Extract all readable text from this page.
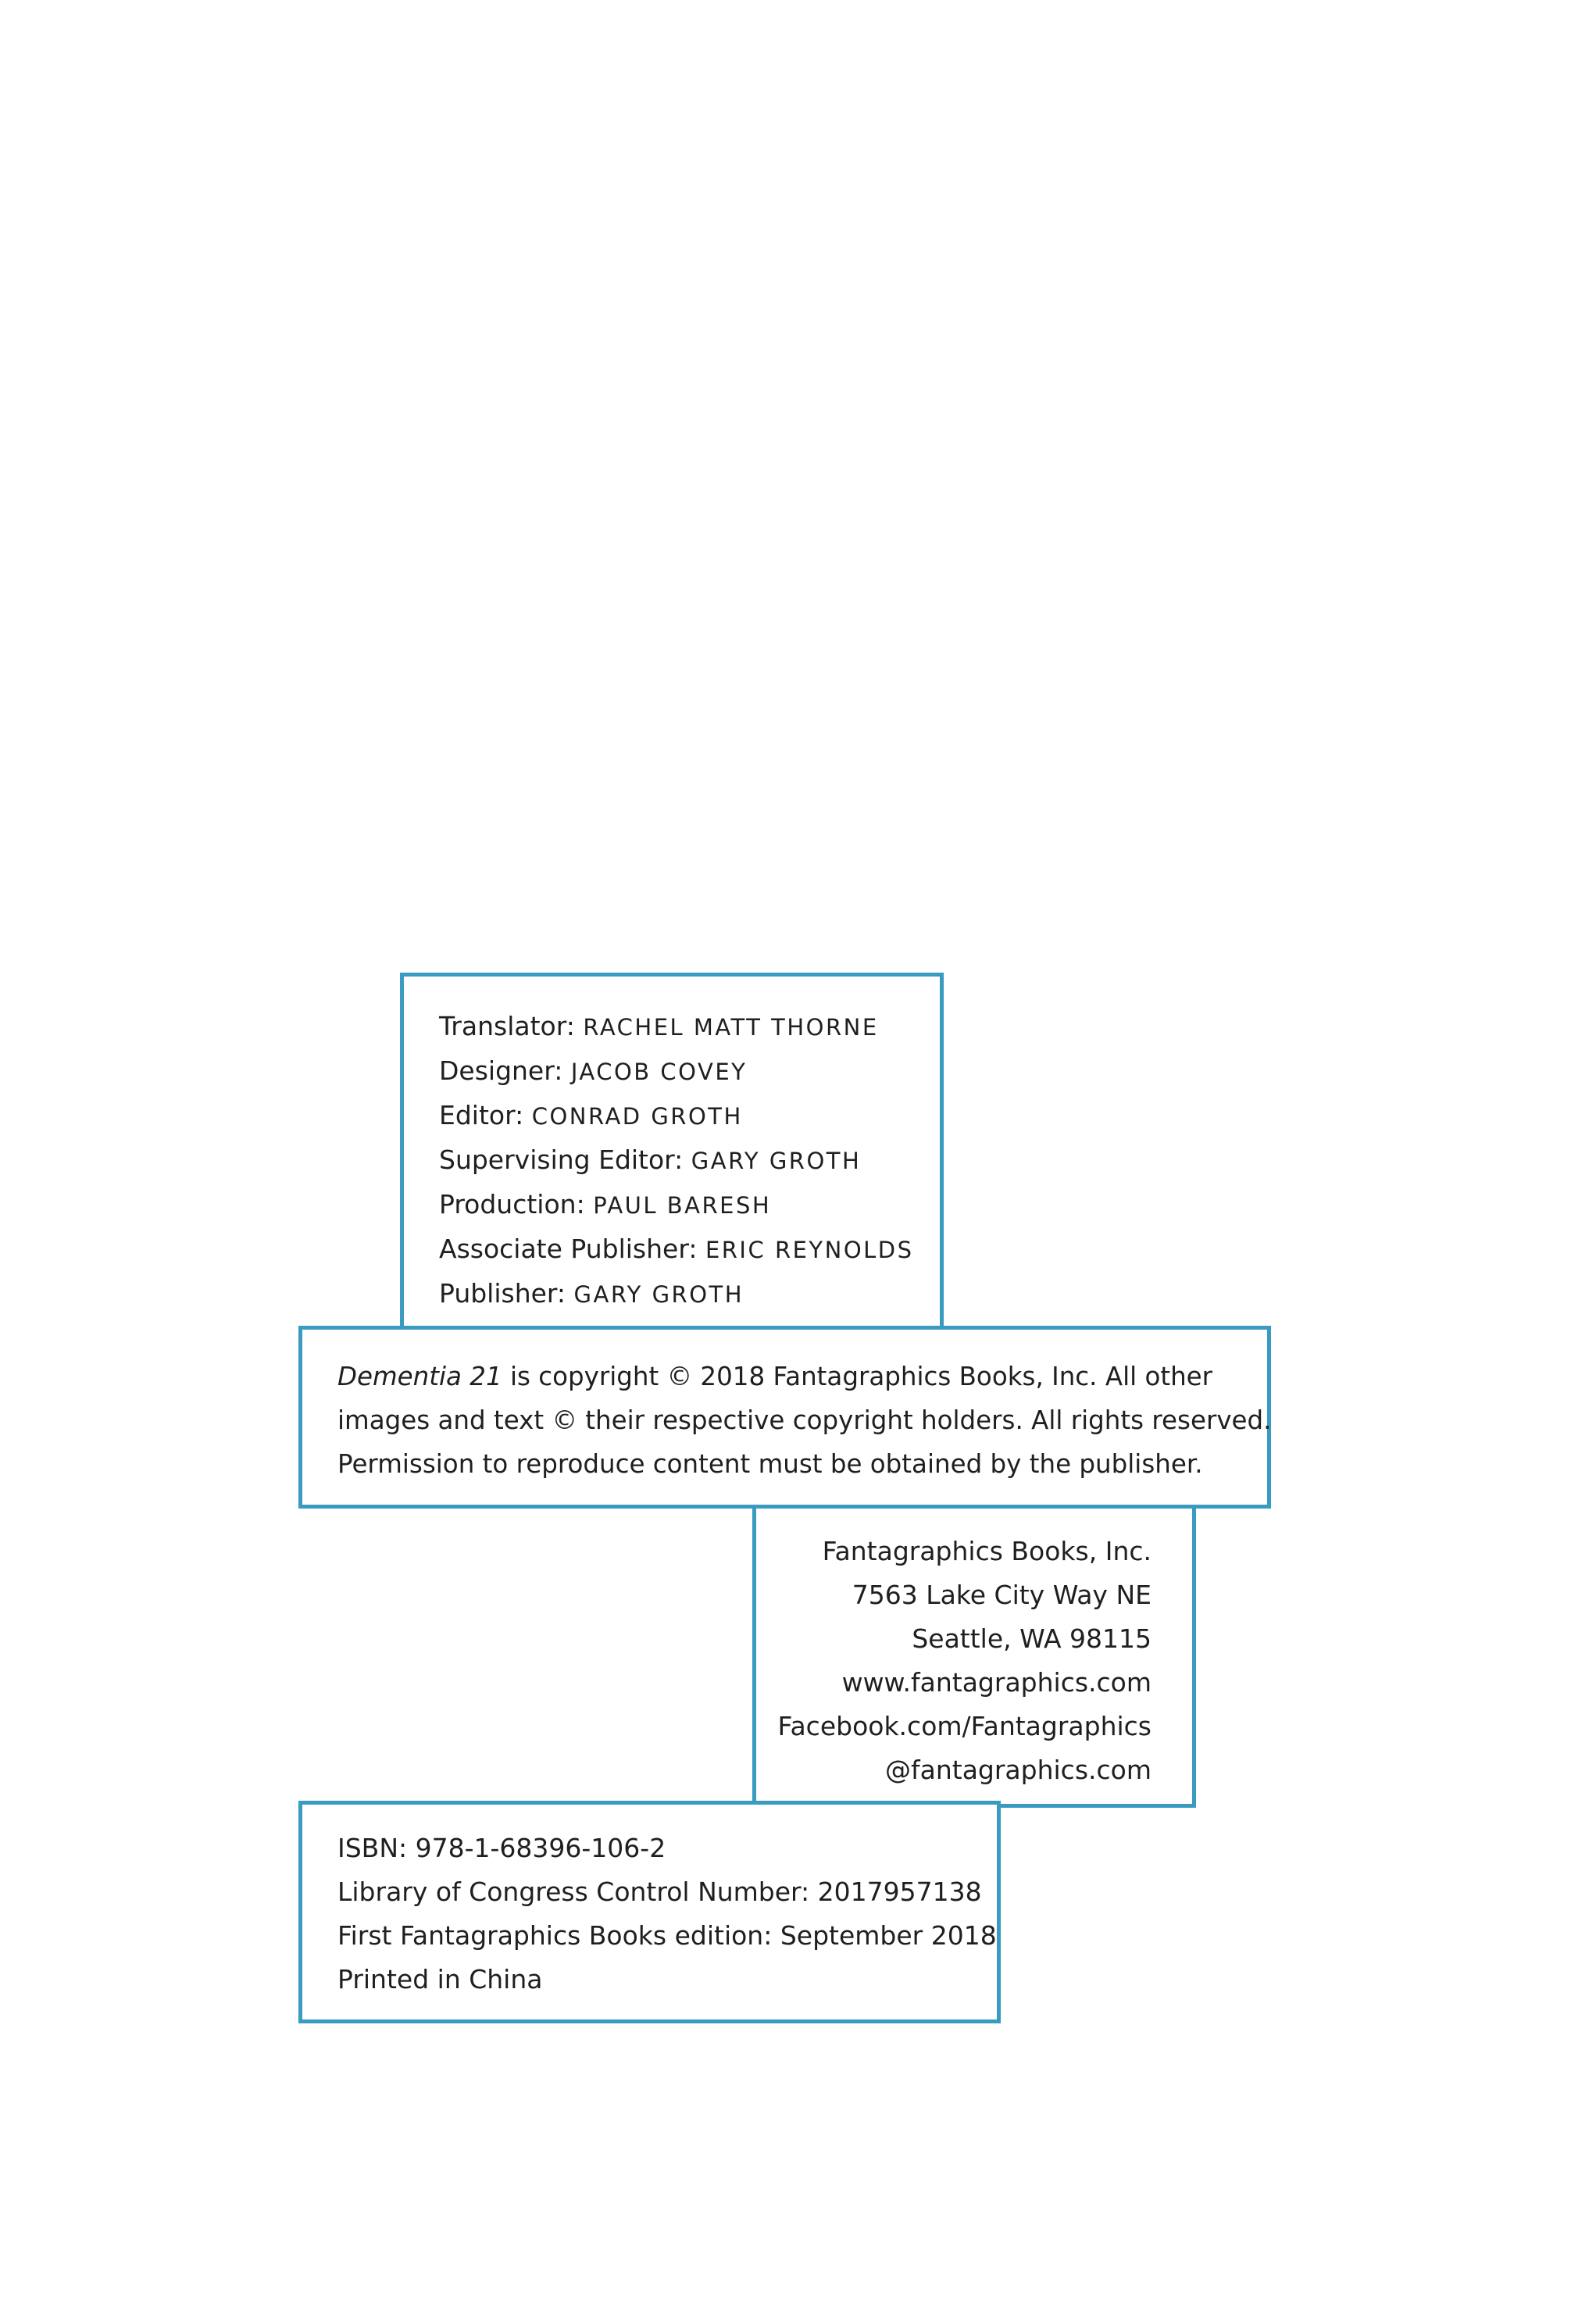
Translator: RACHEL MATT THORNE
Designer: JACOB COVEY
Editor: CONRAD GROTH
Supervising Editor: GARY GROTH
Production: PAUL BARESH
Associate Publisher: ERIC REYNOLDS
Publisher: GARY GROTH
Dementia 21 is copyright © 2018 Fantagraphics Books, Inc. All other
images and text © their respective copyright holders. All rights reserved.
Permission to reproduce content must be obtained by the publisher.
Fantagraphics Books, Inc.
7563 Lake City Way NE
Seattle, WA 98115
www.fantagraphics.com
Facebook.com/Fantagraphics
@fantagraphics.com
ISBN: 978-1-68396-106-2
Library of Congress Control Number: 2017957138
First Fantagraphics Books edition: September 2018
Printed in China
